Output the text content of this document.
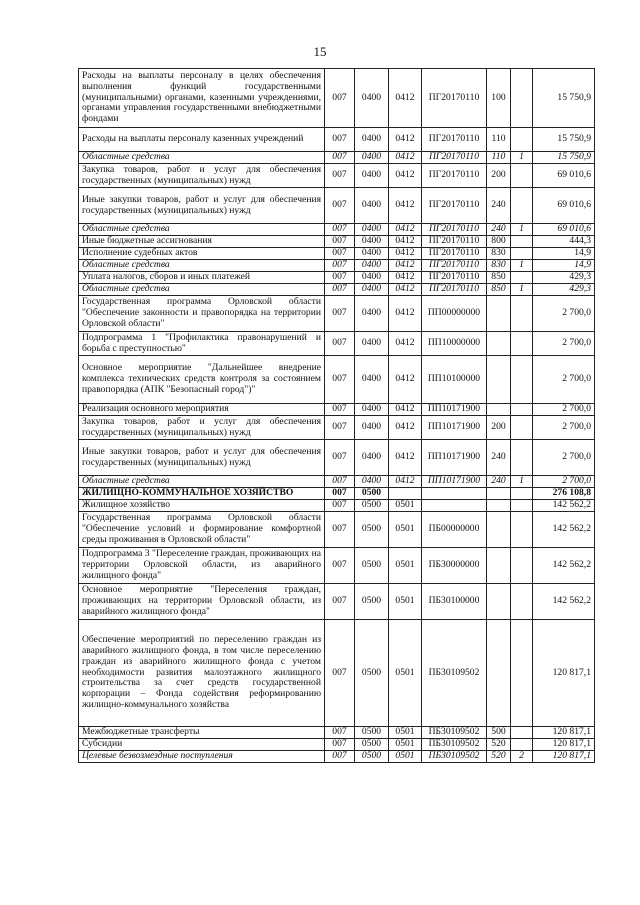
15
Расходы на выплаты персоналу в целях обеспечения выполнения функций государственными (муниципальными) органами, казенными учреждениями, органами управления государственными внебюджетными фондами	007	0400	0412	ПГ20170110	100		15 750,9
Расходы на выплаты персоналу казенных учреждений	007	0400	0412	ПГ20170110	110		15 750,9
Областные средства	007	0400	0412	ПГ20170110	110	1	15 750,9
Закупка товаров, работ и услуг для обеспечения государственных (муниципальных) нужд	007	0400	0412	ПГ20170110	200		69 010,6
Иные закупки товаров, работ и услуг для обеспечения государственных (муниципальных) нужд	007	0400	0412	ПГ20170110	240		69 010,6
Областные средства	007	0400	0412	ПГ20170110	240	1	69 010,6
Иные бюджетные ассигнования	007	0400	0412	ПГ20170110	800		444,3
Исполнение судебных актов	007	0400	0412	ПГ20170110	830		14,9
Областные средства	007	0400	0412	ПГ20170110	830	1	14,9
Уплата налогов, сборов и иных платежей	007	0400	0412	ПГ20170110	850		429,3
Областные средства	007	0400	0412	ПГ20170110	850	1	429,3
Государственная программа Орловской области "Обеспечение законности и правопорядка на территории Орловской области"	007	0400	0412	ПП00000000			2 700,0
Подпрограмма 1 "Профилактика правонарушений и борьба с преступностью"	007	0400	0412	ПП10000000			2 700,0
Основное мероприятие "Дальнейшее внедрение комплекса технических средств контроля за состоянием правопорядка (АПК "Безопасный город")"	007	0400	0412	ПП10100000			2 700,0
Реализация основного мероприятия	007	0400	0412	ПП10171900			2 700,0
Закупка товаров, работ и услуг для обеспечения государственных (муниципальных) нужд	007	0400	0412	ПП10171900	200		2 700,0
Иные закупки товаров, работ и услуг для обеспечения государственных (муниципальных) нужд	007	0400	0412	ПП10171900	240		2 700,0
Областные средства	007	0400	0412	ПП10171900	240	1	2 700,0
ЖИЛИЩНО-КОММУНАЛЬНОЕ ХОЗЯЙСТВО	007	0500					276 108,8
Жилищное хозяйство	007	0500	0501				142 562,2
Государственная программа Орловской области "Обеспечение условий и формирование комфортной среды проживания в Орловской области"	007	0500	0501	ПБ00000000			142 562,2
Подпрограмма 3 "Переселение граждан, проживающих на территории Орловской области, из аварийного жилищного фонда"	007	0500	0501	ПБ30000000			142 562,2
Основное мероприятие "Переселения граждан, проживающих на территории Орловской области, из аварийного жилищного фонда"	007	0500	0501	ПБ30100000			142 562,2
Обеспечение мероприятий по переселению граждан из аварийного жилищного фонда, в том числе переселению граждан из аварийного жилищного фонда с учетом необходимости развития малоэтажного жилищного строительства за счет средств государственной корпорации – Фонда содействия реформированию жилищно-коммунального хозяйства	007	0500	0501	ПБ30109502			120 817,1
Межбюджетные трансферты	007	0500	0501	ПБ30109502	500		120 817,1
Субсидии	007	0500	0501	ПБ30109502	520		120 817,1
Целевые безвозмездные поступления	007	0500	0501	ПБ30109502	520	2	120 817,1
